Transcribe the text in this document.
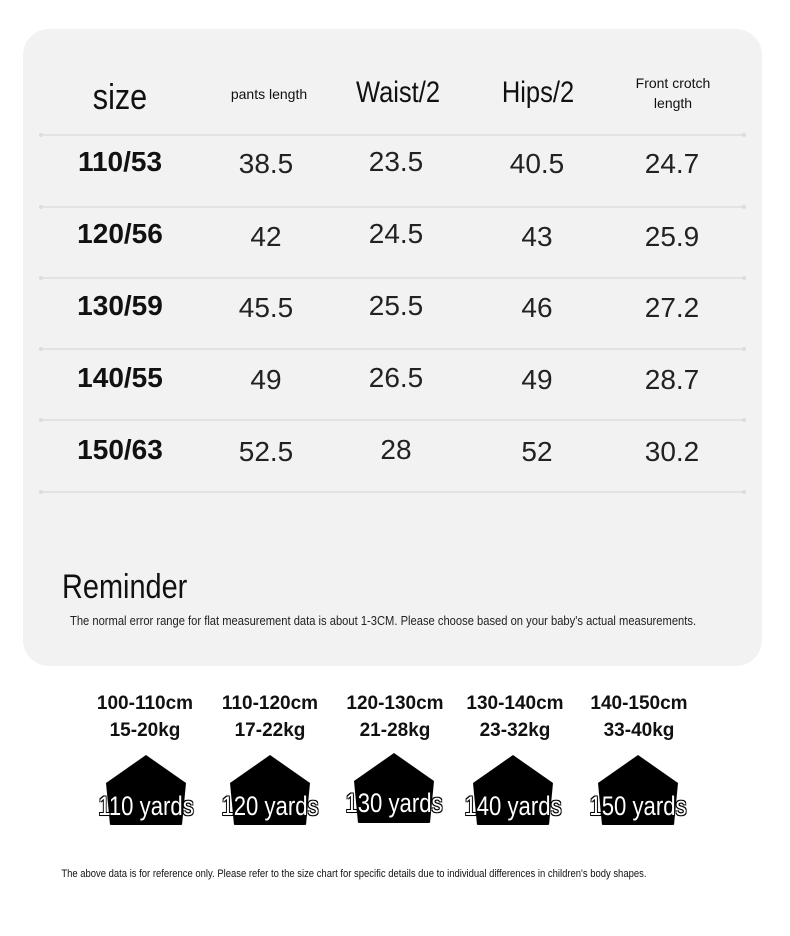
size	pants length	Waist/2	Hips/2	Front crotch length
110/53	38.5	23.5	40.5	24.7
120/56	42	24.5	43	25.9
130/59	45.5	25.5	46	27.2
140/55	49	26.5	49	28.7
150/63	52.5	28	52	30.2
Reminder
The normal error range for flat measurement data is about 1-3CM. Please choose based on your baby's actual measurements.
100-110cm
15-20kg
110-120cm
17-22kg
120-130cm
21-28kg
130-140cm
23-32kg
140-150cm
33-40kg
110 yards	120 yards 130 yards 140 yards	150 yards
The above data is for reference only. Please refer to the size chart for specific details due to individual differences in children's body shapes.
